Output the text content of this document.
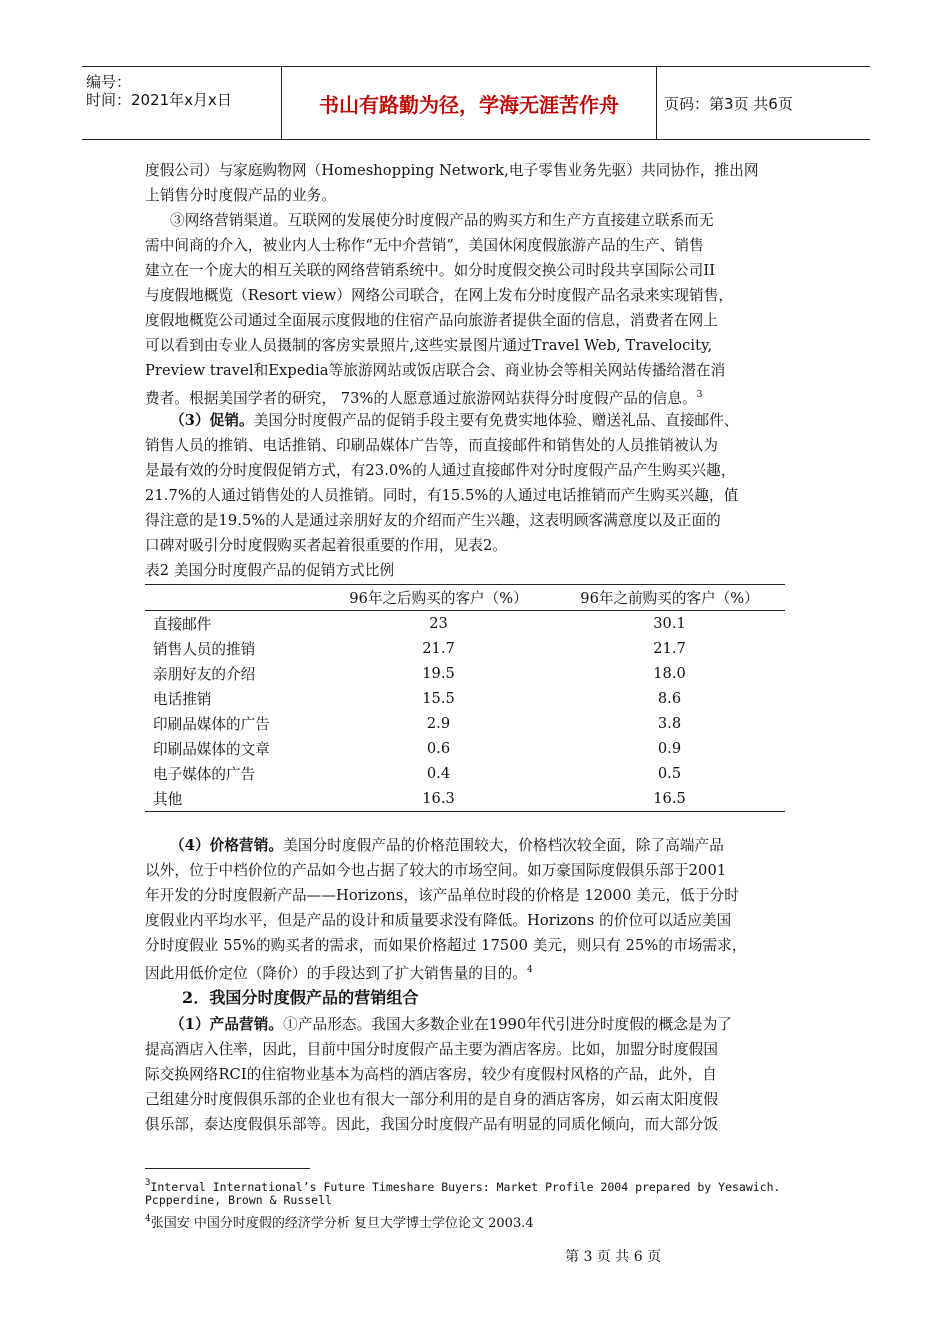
编号：
时间：2021年x月x日	书山有路勤为径，学海无涯苦作舟	页码：第3页 共6页
度假公司）与家庭购物网（Homeshopping Network,电子零售业务先驱）共同协作，推出网
上销售分时度假产品的业务。
③网络营销渠道。互联网的发展使分时度假产品的购买方和生产方直接建立联系而无
需中间商的介入，被业内人士称作“无中介营销”，美国休闲度假旅游产品的生产、销售
建立在一个庞大的相互关联的网络营销系统中。如分时度假交换公司时段共享国际公司II
与度假地概览（Resort view）网络公司联合，在网上发布分时度假产品名录来实现销售，
度假地概览公司通过全面展示度假地的住宿产品向旅游者提供全面的信息，消费者在网上
可以看到由专业人员摄制的客房实景照片,这些实景图片通过Travel Web, Travelocity,
Preview travel和Expedia等旅游网站或饭店联合会、商业协会等相关网站传播给潜在消
费者。根据美国学者的研究， 73%的人愿意通过旅游网站获得分时度假产品的信息。$^3$
（3）促销。美国分时度假产品的促销手段主要有免费实地体验、赠送礼品、直接邮件、
销售人员的推销、电话推销、印刷品媒体广告等，而直接邮件和销售处的人员推销被认为
是最有效的分时度假促销方式，有23.0%的人通过直接邮件对分时度假产品产生购买兴趣，
21.7%的人通过销售处的人员推销。同时，有15.5%的人通过电话推销而产生购买兴趣，值
得注意的是19.5%的人是通过亲朋好友的介绍而产生兴趣，这表明顾客满意度以及正面的
口碑对吸引分时度假购买者起着很重要的作用，见表2。
表2 美国分时度假产品的促销方式比例
	96年之后购买的客户（%）	96年之前购买的客户（%）
直接邮件	23	30.1
销售人员的推销	21.7	21.7
亲朋好友的介绍	19.5	18.0
电话推销	15.5	8.6
印刷品媒体的广告	2.9	3.8
印刷品媒体的文章	0.6	0.9
电子媒体的广告	0.4	0.5
其他	16.3	16.5
（4）价格营销。美国分时度假产品的价格范围较大，价格档次较全面，除了高端产品
以外，位于中档价位的产品如今也占据了较大的市场空间。如万豪国际度假俱乐部于2001
年开发的分时度假新产品——Horizons，该产品单位时段的价格是 12000 美元，低于分时
度假业内平均水平，但是产品的设计和质量要求没有降低。Horizons 的价位可以适应美国
分时度假业 55%的购买者的需求，而如果价格超过 17500 美元，则只有 25%的市场需求，
因此用低价定位（降价）的手段达到了扩大销售量的目的。$^4$
2．我国分时度假产品的营销组合
（1）产品营销。①产品形态。我国大多数企业在1990年代引进分时度假的概念是为了
提高酒店入住率，因此，目前中国分时度假产品主要为酒店客房。比如，加盟分时度假国
际交换网络RCI的住宿物业基本为高档的酒店客房，较少有度假村风格的产品，此外，自
己组建分时度假俱乐部的企业也有很大一部分利用的是自身的酒店客房，如云南太阳度假
俱乐部，泰达度假俱乐部等。因此，我国分时度假产品有明显的同质化倾向，而大部分饭
$^3$Interval International’s Future Timeshare Buyers: Market Profile 2004 prepared by Yesawich.
Pcpperdine, Brown & Russell
$^4$张国安 中国分时度假的经济学分析 复旦大学博士学位论文 2003.4
第 3 页 共 6 页
